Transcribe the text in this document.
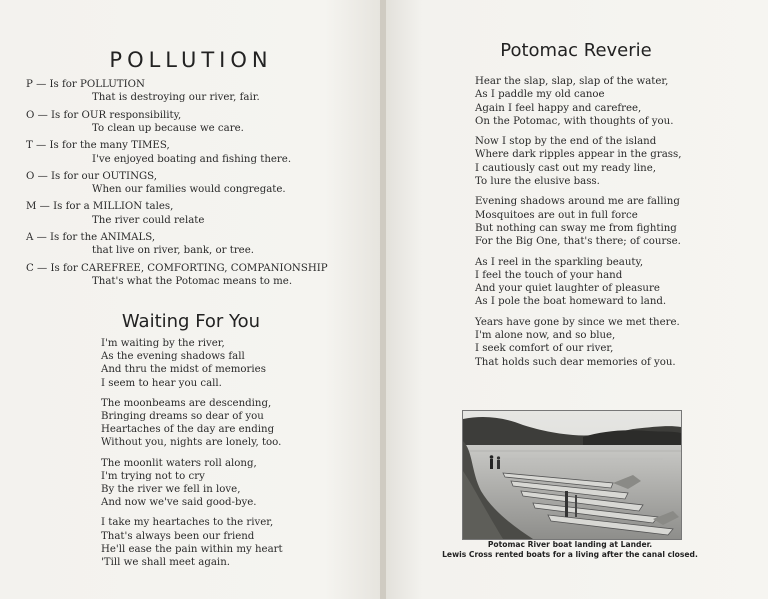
POLLUTION
P — Is for POLLUTION
That is destroying our river, fair.
O — Is for OUR responsibility,
To clean up because we care.
T — Is for the many TIMES,
I've enjoyed boating and fishing there.
O — Is for our OUTINGS,
When our families would congregate.
M — Is for a MILLION tales,
The river could relate
A — Is for the ANIMALS,
that live on river, bank, or tree.
C — Is for CAREFREE, COMFORTING, COMPANIONSHIP
That's what the Potomac means to me.
Waiting For You
I'm waiting by the river,
As the evening shadows fall
And thru the midst of memories
I seem to hear you call.
The moonbeams are descending,
Bringing dreams so dear of you
Heartaches of the day are ending
Without you, nights are lonely, too.
The moonlit waters roll along,
I'm trying not to cry
By the river we fell in love,
And now we've said good-bye.
I take my heartaches to the river,
That's always been our friend
He'll ease the pain within my heart
'Till we shall meet again.
Potomac Reverie
Hear the slap, slap, slap of the water,
As I paddle my old canoe
Again I feel happy and carefree,
On the Potomac, with thoughts of you.
Now I stop by the end of the island
Where dark ripples appear in the grass,
I cautiously cast out my ready line,
To lure the elusive bass.
Evening shadows around me are falling
Mosquitoes are out in full force
But nothing can sway me from fighting
For the Big One, that's there; of course.
As I reel in the sparkling beauty,
I feel the touch of your hand
And your quiet laughter of pleasure
As I pole the boat homeward to land.
Years have gone by since we met there.
I'm alone now, and so blue,
I seek comfort of our river,
That holds such dear memories of you.
Potomac River boat landing at Lander.
Lewis Cross rented boats for a living after the canal closed.
